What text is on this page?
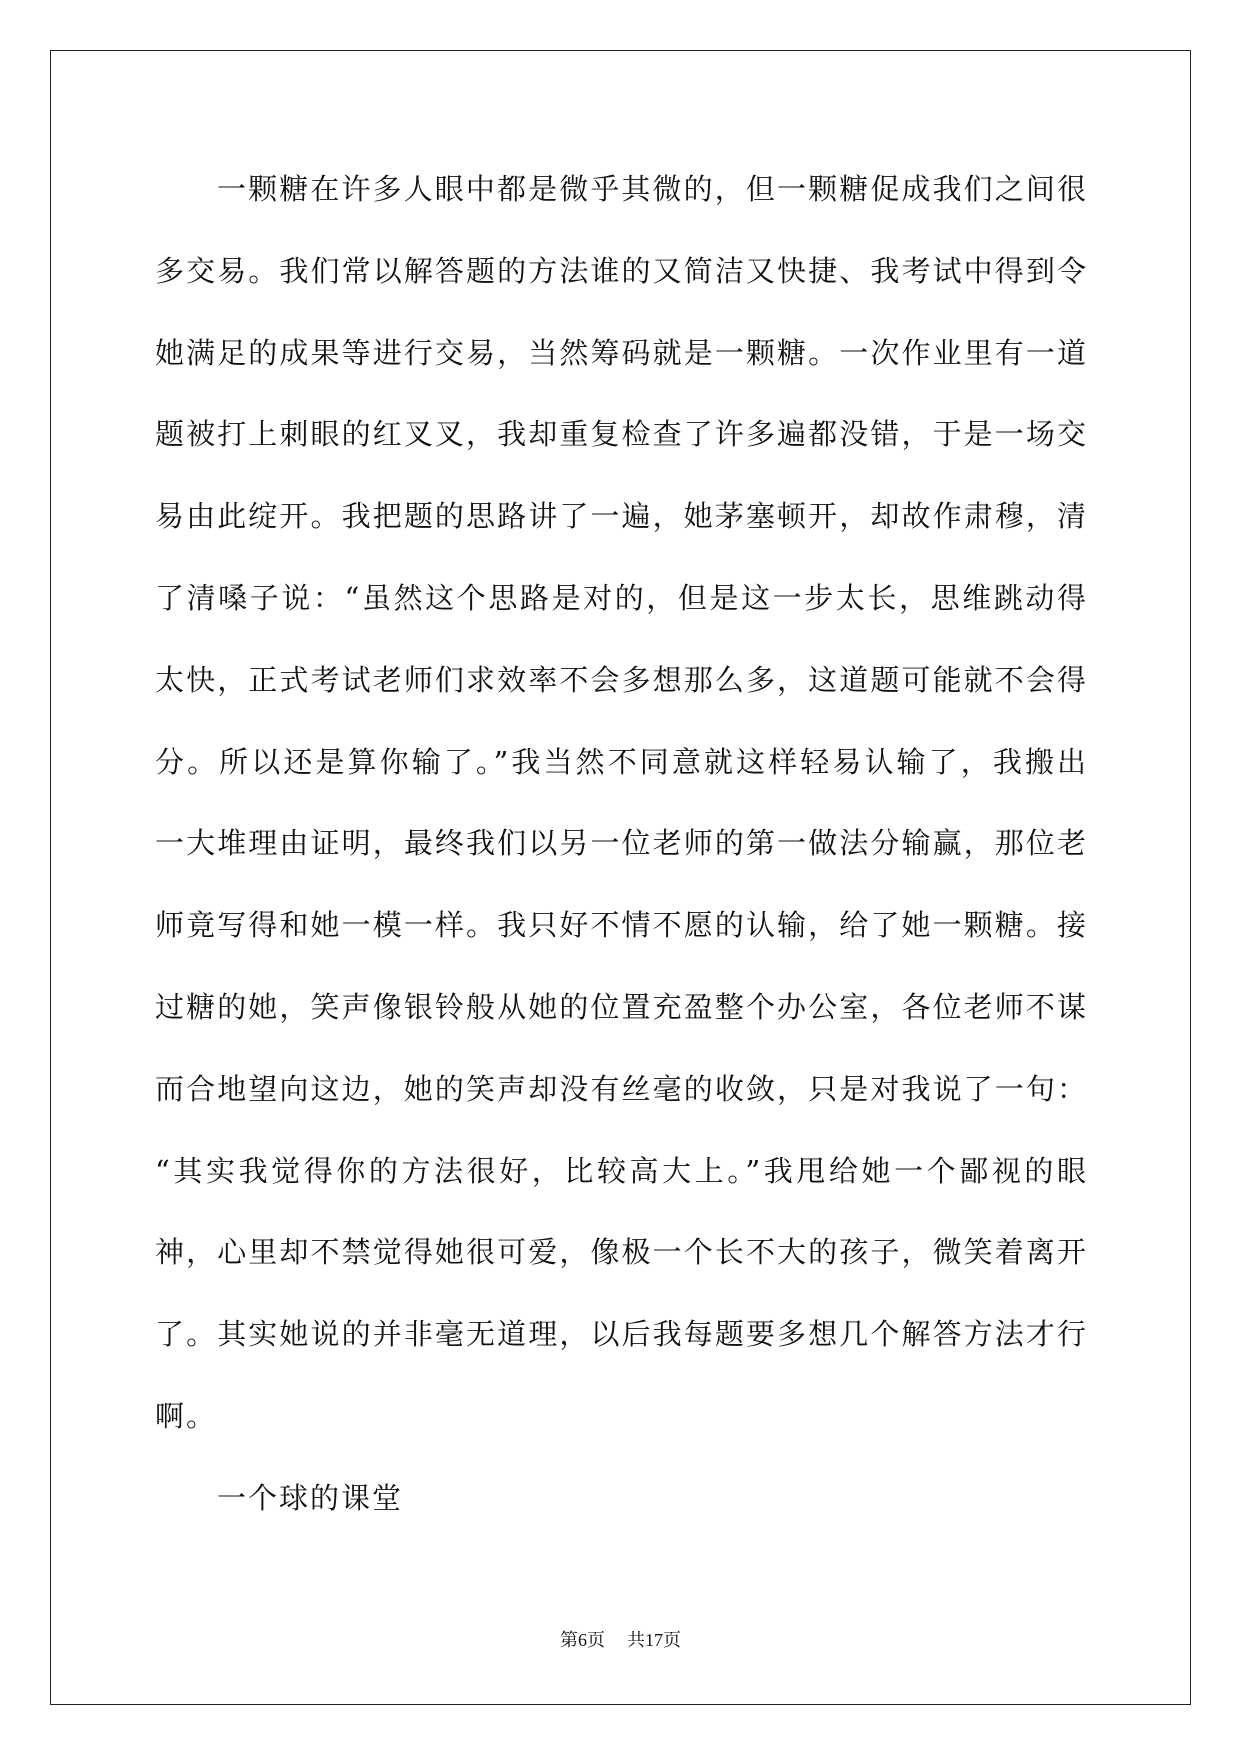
一颗糖在许多人眼中都是微乎其微的，但一颗糖促成我们之间很
多交易。我们常以解答题的方法谁的又简洁又快捷、我考试中得到令
她满足的成果等进行交易，当然筹码就是一颗糖。一次作业里有一道
题被打上刺眼的红叉叉，我却重复检查了许多遍都没错，于是一场交
易由此绽开。我把题的思路讲了一遍，她茅塞顿开，却故作肃穆，清
了清嗓子说：“虽然这个思路是对的，但是这一步太长，思维跳动得
太快，正式考试老师们求效率不会多想那么多，这道题可能就不会得
分。所以还是算你输了。”我当然不同意就这样轻易认输了，我搬出
一大堆理由证明，最终我们以另一位老师的第一做法分输赢，那位老
师竟写得和她一模一样。我只好不情不愿的认输，给了她一颗糖。接
过糖的她，笑声像银铃般从她的位置充盈整个办公室，各位老师不谋
而合地望向这边，她的笑声却没有丝毫的收敛，只是对我说了一句：
“其实我觉得你的方法很好，比较高大上。”我甩给她一个鄙视的眼
神，心里却不禁觉得她很可爱，像极一个长不大的孩子，微笑着离开
了。其实她说的并非毫无道理，以后我每题要多想几个解答方法才行
啊。
一个球的课堂
第6页 共17页
